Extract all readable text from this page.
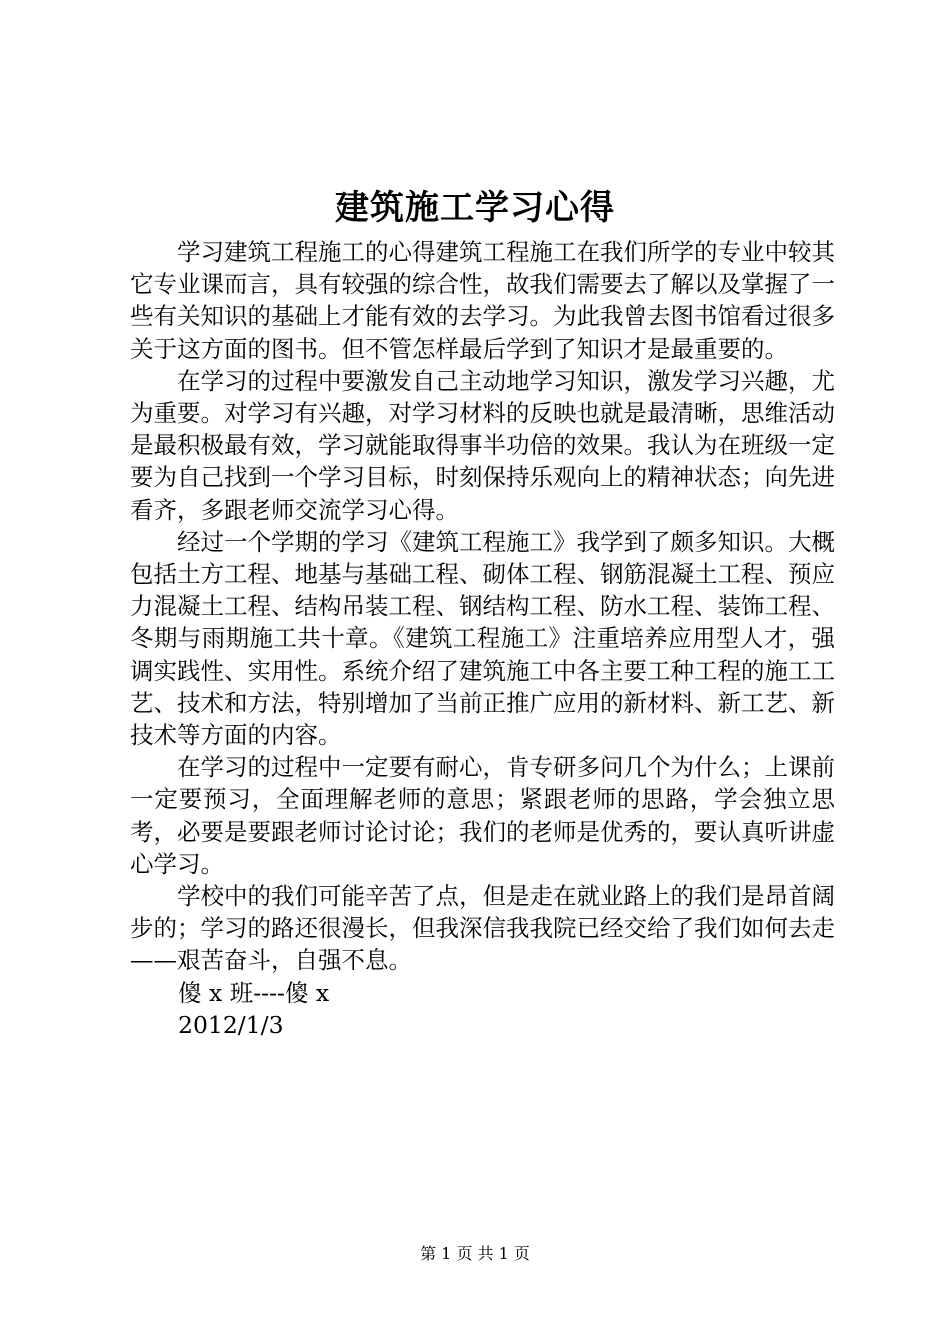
建筑施工学习心得

学习建筑工程施工的心得建筑工程施工在我们所学的专业中较其它专业课而言，具有较强的综合性，故我们需要去了解以及掌握了一些有关知识的基础上才能有效的去学习。为此我曾去图书馆看过很多关于这方面的图书。但不管怎样最后学到了知识才是最重要的。

在学习的过程中要激发自己主动地学习知识，激发学习兴趣，尤为重要。对学习有兴趣，对学习材料的反映也就是最清晰，思维活动是最积极最有效，学习就能取得事半功倍的效果。我认为在班级一定要为自己找到一个学习目标，时刻保持乐观向上的精神状态；向先进看齐，多跟老师交流学习心得。

经过一个学期的学习《建筑工程施工》我学到了颇多知识。大概包括土方工程、地基与基础工程、砌体工程、钢筋混凝土工程、预应力混凝土工程、结构吊装工程、钢结构工程、防水工程、装饰工程、冬期与雨期施工共十章。《建筑工程施工》注重培养应用型人才，强调实践性、实用性。系统介绍了建筑施工中各主要工种工程的施工工艺、技术和方法，特别增加了当前正推广应用的新材料、新工艺、新技术等方面的内容。

在学习的过程中一定要有耐心，肯专研多问几个为什么；上课前一定要预习，全面理解老师的意思；紧跟老师的思路，学会独立思考，必要是要跟老师讨论讨论；我们的老师是优秀的，要认真听讲虚心学习。

学校中的我们可能辛苦了点，但是走在就业路上的我们是昂首阔步的；学习的路还很漫长，但我深信我我院已经交给了我们如何去走——艰苦奋斗，自强不息。

傻 x 班----傻 x

2012/1/3

第 1 页 共 1 页
